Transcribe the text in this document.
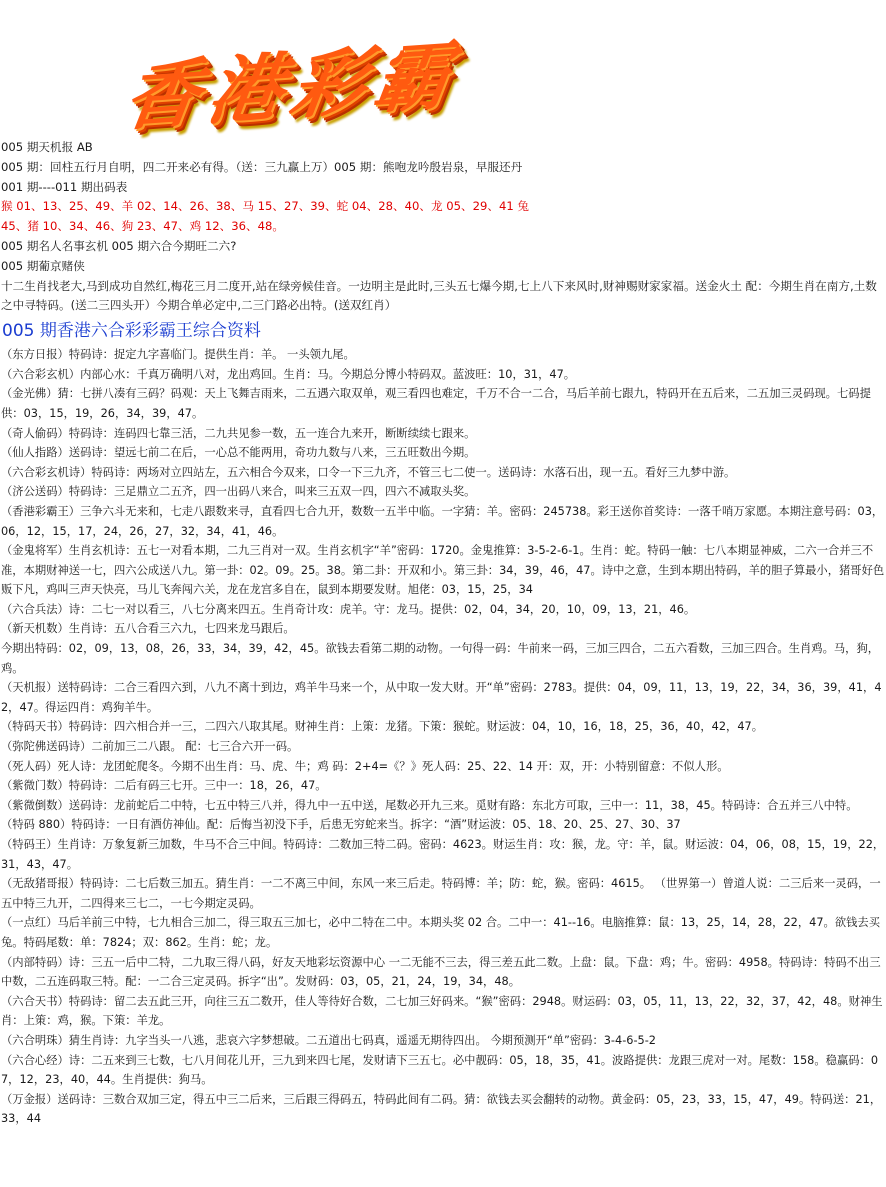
香港彩霸

005 期天机报 AB

005 期：回柱五行月自明，四二开来必有得。（送：三九赢上万）005 期：熊咆龙吟殷岩泉，早服还丹

001 期----011 期出码表

猴 01、13、25、49、羊 02、14、26、38、马 15、27、39、蛇 04、28、40、龙 05、29、41 兔

45、猪 10、34、46、狗 23、47、鸡 12、36、48。

005 期名人名事玄机 005 期六合今期旺二六?

005 期葡京赌侠

十二生肖找老大,马到成功自然红,梅花三月二度开,站在绿旁候佳音。一边明主是此时,三头五七爆今期,七上八下来风时,财神赐财家家福。送金火土 配：今期生肖在南方,土数之中寻特码。(送二三四头开）今期合单必定中,二三门路必出特。(送双红肖）

005 期香港六合彩彩霸王综合资料

（东方日报）特码诗：捉定九字喜临门。提供生肖：羊。 一头领九尾。

（六合彩玄机）内部心水：千真万确明八对，龙出鸡回。生肖：马。今期总分博小特码双。蓝波旺：10，31，47。

（金光佛）猜：七拼八凑有三码？码观：天上飞舞吉雨来，二五遇六取双单，观三看四也难定，千万不合一二合，马后羊前七跟九，特码开在五后来，二五加三灵码现。七码提供：03，15，19，26，34，39，47。

（奇人偷码）特码诗：连码四七靠三活，二九共见参一数，五一连合九来开，断断续续七跟来。

（仙人指路）送码诗：望远七前二在后，一心总不能两用，奇功九数与八来，三五旺数出今期。

（六合彩玄机诗）特码诗：两场对立四站左，五六相合今双来，口令一下三九齐，不管三七二使一。送码诗：水落石出，现一五。看好三九梦中游。

（济公送码）特码诗：三足鼎立二五齐，四一出码八来合，叫来三五双一四，四六不减取头奖。

（香港彩霸王）三争六斗无来和，七走八跟数来寻，直看四七合九开，数数一五半中临。一字猜：羊。密码：245738。彩王送你首奖诗：一落千哨万家愿。本期注意号码：03，06，12，15，17，24，26，27，32，34，41，46。

（金鬼将军）生肖玄机诗：五七一对看本期，二九三肖对一双。生肖玄机字“羊”密码：1720。金鬼推算：3-5-2-6-1。生肖：蛇。特码一触：七八本期显神威，二六一合并三不准，本期财神送一七，四六公成送八九。第一卦：02。09。25。38。第二卦：开双和小。第三卦：34，39，46，47。诗中之意，生到本期出特码，羊的胆子算最小，猪哥好色贩下凡，鸡叫三声天快亮，马儿飞奔闯六关，龙在龙宫多自在，鼠到本期要发财。旭佬：03，15，25，34

（六合兵法）诗：二七一对以看三，八七分离来四五。生肖奇计攻：虎羊。守：龙马。提供：02，04，34，20，10，09，13，21，46。

（新天机数）生肖诗：五八合看三六九，七四来龙马跟后。

今期出特码：02，09，13，08，26，33，34，39，42，45。欲钱去看第二期的动物。一句得一码：牛前来一码，三加三四合，二五六看数，三加三四合。生肖鸡。马，狗，鸡。

（天机报）送特码诗：二合三看四六到，八九不离十到边，鸡羊牛马来一个，从中取一发大财。开“单”密码：2783。提供：04，09，11，13，19，22，34，36，39，41，42，47。得运四肖：鸡狗羊牛。

（特码天书）特码诗：四六相合并一三，二四六八取其尾。财神生肖：上策：龙猪。下策：猴蛇。财运波：04，10，16，18，25，36，40，42，47。

（弥陀佛送码诗）二前加三二八跟。 配：七三合六开一码。

（死人码）死人诗：龙团蛇爬冬。今期不出生肖：马、虎、牛；鸡 码：2+4=《？》死人码：25、22、14 开：双，开：小特别留意：不似人形。

（紫微门数）特码诗：二后有码三七开。三中一：18，26，47。

（紫微倒数）送码诗：龙前蛇后二中特，七五中特三八并，得九中一五中送，尾数必开九三来。觅财有路：东北方可取，三中一：11，38，45。特码诗：合五并三八中特。

（特码 880）特码诗：一日有酒仿神仙。配：后悔当初没下手，后患无穷蛇来当。拆字：“酒”财运波：05、18、20、25、27、30、37

（特码王）生肖诗：万象复新三加数，牛马不合三中间。特码诗：二数加三特二码。密码：4623。财运生肖：攻：猴，龙。守：羊，鼠。财运波：04，06，08，15，19，22，31，43，47。

（无敌猪哥报）特码诗：二七后数三加五。猜生肖：一二不离三中间，东风一来三后走。特码博：羊；防：蛇，猴。密码：4615。 （世界第一）曾道人说：二三后来一灵码，一五中特三九开，二四得来三七二，一七今期定灵码。

（一点红）马后羊前三中特，七九相合三加二，得三取五三加七，必中二特在二中。本期头奖 02 合。二中一：41--16。电脑推算：鼠：13，25，14，28，22，47。欲钱去买兔。特码尾数：单：7824；双：862。生肖：蛇；龙。

（内部特码）诗：三五一后中二特，二九取三得八码，好友天地彩坛资源中心 一二无能不三去，得三差五此二数。上盘：鼠。下盘：鸡；牛。密码：4958。特码诗：特码不出三中数，二五连码取三特。配：一二合三定灵码。拆字“出”。发财码：03，05，21，24，19，34，48。

（六合天书）特码诗：留二去五此三开，向往三五二数开，佳人等待好合数，二七加三好码来。“猴”密码：2948。财运码：03，05，11，13，22，32，37，42，48。财神生肖：上策：鸡，猴。下策：羊龙。

（六合明珠）猜生肖诗：九字当头一八逃，悲哀六字梦想破。二五道出七码真，遥遥无期待四出。 今期预测开“单”密码：3-4-6-5-2

（六合心经）诗：二五来到三七数，七八月间花儿开，三九到来四七尾，发财请下三五七。必中靓码：05，18，35，41。波路提供：龙跟三虎对一对。尾数：158。稳赢码：07，12，23，40，44。生肖提供：狗马。

（万金报）送码诗：三数合双加三定，得五中三二后来，三后跟三得码五，特码此间有二码。猜：欲钱去买会翻转的动物。黄金码：05，23，33，15，47，49。特码送：21，33，44
